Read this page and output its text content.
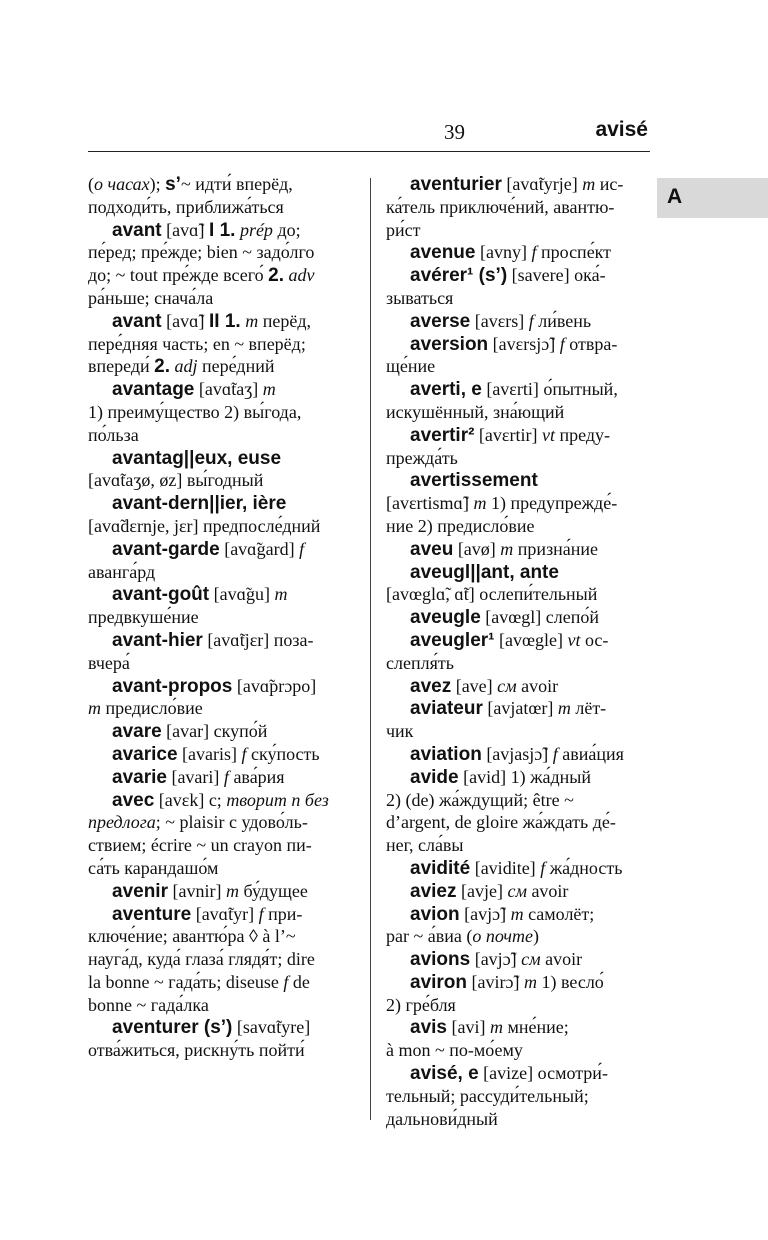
39	avisé
A
(о часах); s’~ идти́ вперёд,
подходи́ть, приближа́ться
avant [avɑ̃] I 1. prép до;
пе́ред; пре́жде; bien ~ задо́лго
до; ~ tout пре́жде всего́ 2. adv
ра́ньше; снача́ла
avant [avɑ̃] II 1. m перёд,
пере́дняя часть; en ~ вперёд;
впереди́ 2. adj пере́дний
avantage [avɑ̃taʒ] m
1) преиму́щество 2) вы́года,
по́льза
avantag||eux, euse
[avɑ̃taʒø, øz] вы́годный
avant-dern||ier, ière
[avɑ̃dɛrnje, jɛr] предпосле́дний
avant-garde [avɑ̃gard] f
аванга́рд
avant-goût [avɑ̃gu] m
предвкуше́ние
avant-hier [avɑ̃tjɛr] поза-
вчера́
avant-propos [avɑ̃prɔpo]
m предисло́вие
avare [avar] скупо́й
avarice [avaris] f ску́пость
avarie [avari] f ава́рия
avec [avɛk] с; творит п без
предлога; ~ plaisir с удово́ль-
ствием; écrire ~ un crayon пи-
са́ть карандашо́м
avenir [avnir] m бу́дущее
aventure [avɑ̃tyr] f при-
ключе́ние; авантю́ра ◊ à l’~
науга́д, куда́ глаза́ глядя́т; dire
la bonne ~ гада́ть; diseuse f de
bonne ~ гада́лка
aventurer (s’) [savɑ̃tyre]
отва́житься, рискну́ть пойти́
aventurier [avɑ̃tyrje] m ис-
ка́тель приключе́ний, авантю-
ри́ст
avenue [avny] f проспе́кт
avérer¹ (s’) [savere] ока́-
зываться
averse [avɛrs] f ли́вень
aversion [avɛrsjɔ̃] f отвра-
ще́ние
averti, e [avɛrti] о́пытный,
искушённый, зна́ющий
avertir² [avɛrtir] vt преду-
прежда́ть
avertissement
[avɛrtismɑ̃] m 1) предупрежде́-
ние 2) предисло́вие
aveu [avø] m призна́ние
aveugl||ant, ante
[avœglɑ̃, ɑ̃t] ослепи́тельный
aveugle [avœgl] слепо́й
aveugler¹ [avœgle] vt ос-
слепля́ть
avez [ave] см avoir
aviateur [avjatœr] m лёт-
чик
aviation [avjasjɔ̃] f авиа́ция
avide [avid] 1) жа́дный
2) (de) жа́ждущий; être ~
d’argent, de gloire жа́ждать де́-
нег, сла́вы
avidité [avidite] f жа́дность
aviez [avje] см avoir
avion [avjɔ̃] m самолёт;
par ~ а́виа (о почте)
avions [avjɔ̃] см avoir
aviron [avirɔ̃] m 1) весло́
2) гре́бля
avis [avi] m мне́ние;
à mon ~ по-мо́ему
avisé, e [avize] осмотри́-
тельный; рассуди́тельный;
дальнови́дный
